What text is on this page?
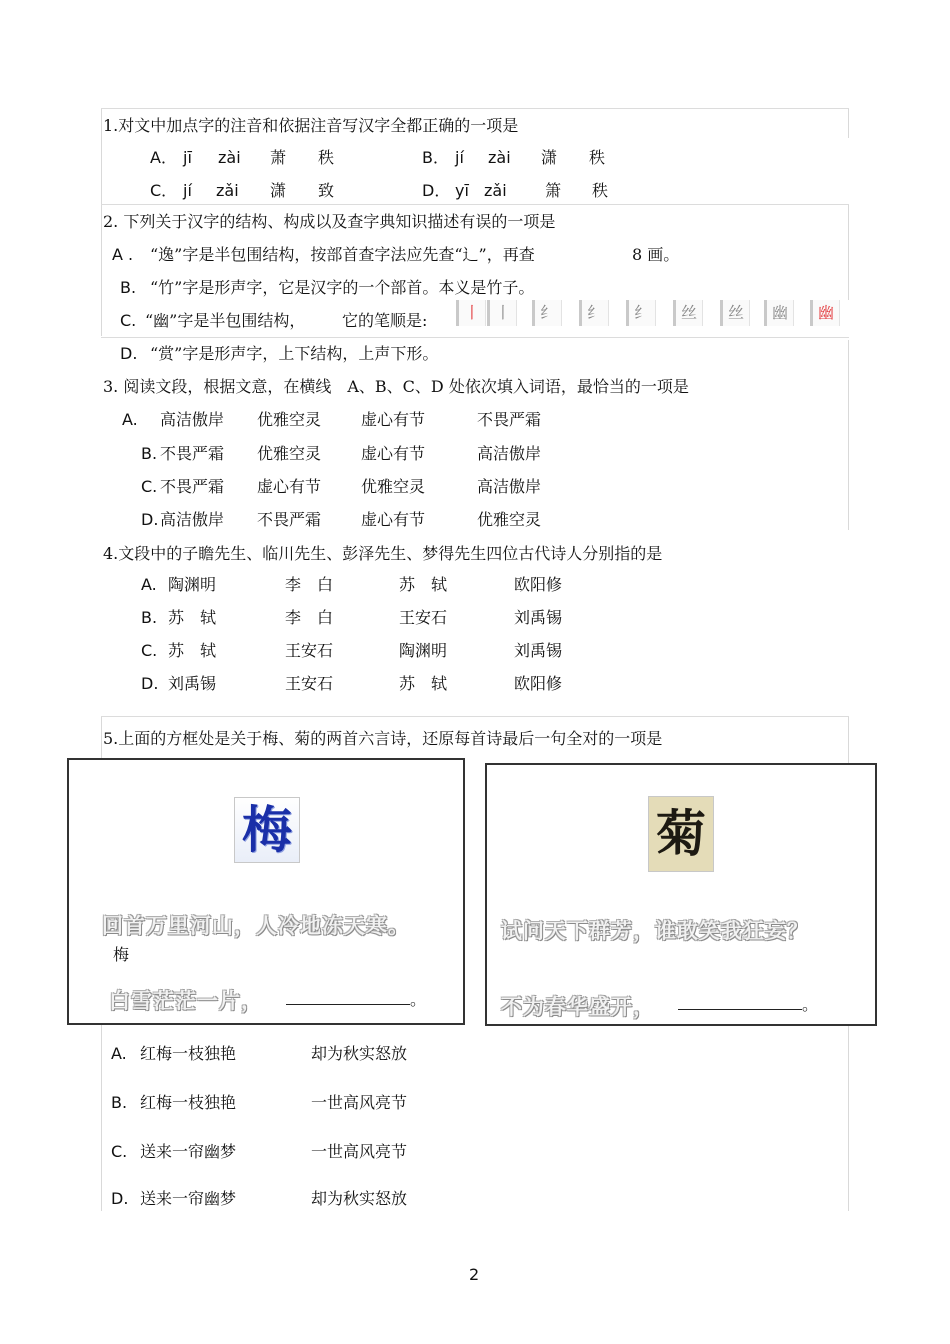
1.对文中加点字的注音和依据注音写汉字全都正确的一项是
A． jī zài 萧 秩	B． jí zài 潇 秩
C． jí zǎi 潇 致	D． yī zǎi 箫 秩
2. 下列关于汉字的结构、构成以及查字典知识描述有误的一项是
A . “逸”字是半包围结构，按部首查字法应先查“辶”，再查	8 画。
B. “竹”字是形声字，它是汉字的一个部首。本义是竹子。
C. “幽”字是半包围结构， 它的笔顺是:	丨 丨	纟	纟	纟	丝	丝	幽	幽
D. “赏”字是形声字，上下结构，上声下形。
3. 阅读文段，根据文意，在横线　A、B、C、D 处依次填入词语，最恰当的一项是
A. 高洁傲岸 优雅空灵 虚心有节	不畏严霜
B. 不畏严霜 优雅空灵 虚心有节	高洁傲岸
C. 不畏严霜 虚心有节 优雅空灵	高洁傲岸
D. 高洁傲岸 不畏严霜 虚心有节	优雅空灵
4.文段中的子瞻先生、临川先生、彭泽先生、梦得先生四位古代诗人分别指的是
A. 陶渊明	李　白	苏　轼	欧阳修
B. 苏　轼	李　白	王安石	刘禹锡
C. 苏　轼	王安石	陶渊明	刘禹锡
D. 刘禹锡	王安石	苏　轼	欧阳修
5.上面的方框处是关于梅、菊的两首六言诗，还原每首诗最后一句全对的一项是
梅
回首万里河山，人冷地冻天寒。
梅
白雪茫茫一片，	。
菊
试问天下群芳，谁敢笑我狂妄？
不为春华盛开，	。
A. 红梅一枝独艳	却为秋实怒放
B. 红梅一枝独艳	一世高风亮节
C. 送来一帘幽梦	一世高风亮节
D. 送来一帘幽梦	却为秋实怒放
2
